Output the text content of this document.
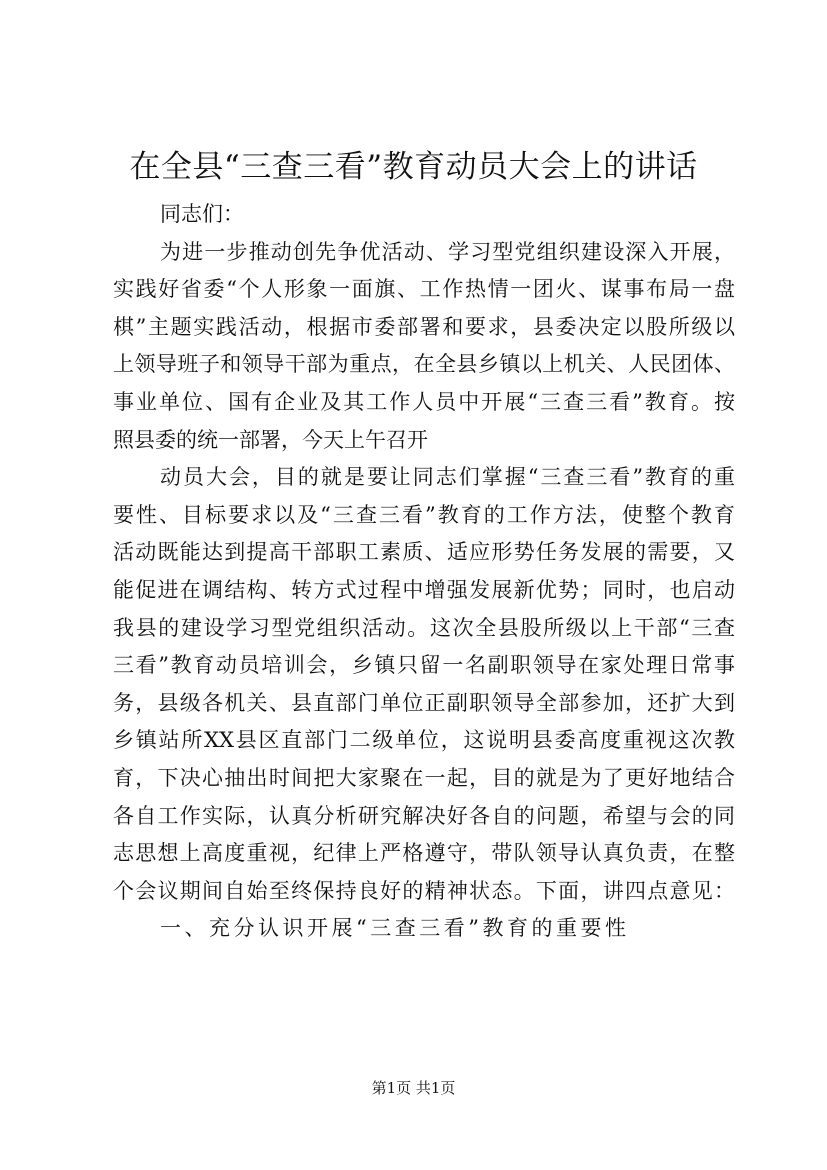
在全县“三查三看”教育动员大会上的讲话
同志们：
为进一步推动创先争优活动、学习型党组织建设深入开展，
实践好省委“个人形象一面旗、工作热情一团火、谋事布局一盘
棋”主题实践活动，根据市委部署和要求，县委决定以股所级以
上领导班子和领导干部为重点，在全县乡镇以上机关、人民团体、
事业单位、国有企业及其工作人员中开展“三查三看”教育。按
照县委的统一部署，今天上午召开
动员大会，目的就是要让同志们掌握“三查三看”教育的重
要性、目标要求以及“三查三看”教育的工作方法，使整个教育
活动既能达到提高干部职工素质、适应形势任务发展的需要，又
能促进在调结构、转方式过程中增强发展新优势；同时，也启动
我县的建设学习型党组织活动。这次全县股所级以上干部“三查
三看”教育动员培训会，乡镇只留一名副职领导在家处理日常事
务，县级各机关、县直部门单位正副职领导全部参加，还扩大到
乡镇站所XX县区直部门二级单位，这说明县委高度重视这次教
育，下决心抽出时间把大家聚在一起，目的就是为了更好地结合
各自工作实际，认真分析研究解决好各自的问题，希望与会的同
志思想上高度重视，纪律上严格遵守，带队领导认真负责，在整
个会议期间自始至终保持良好的精神状态。下面，讲四点意见：
一、充分认识开展“三查三看”教育的重要性
第1页 共1页
